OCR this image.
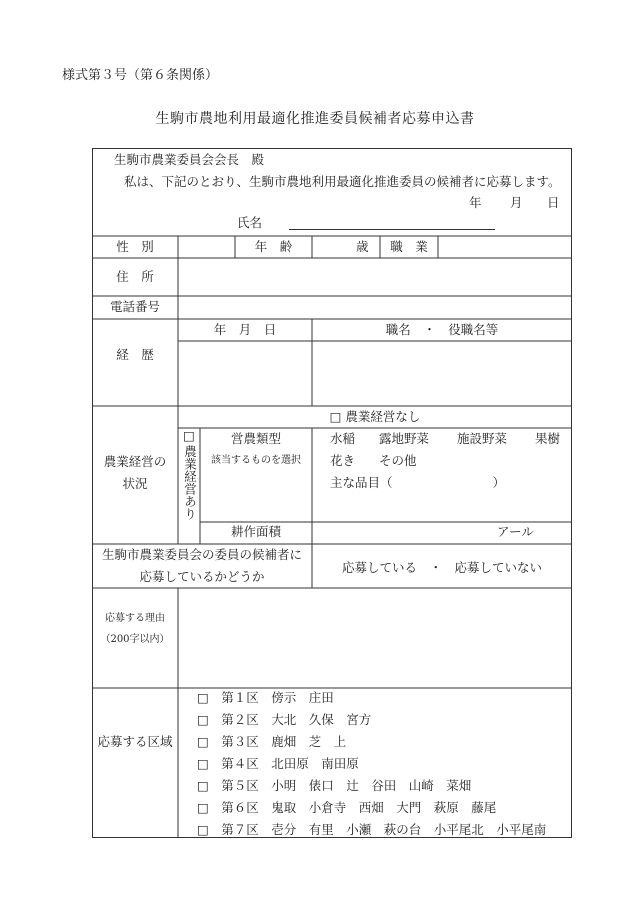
様式第３号（第６条関係）
生駒市農地利用最適化推進委員候補者応募申込書
生駒市農業委員会会長　殿
私は、下記のとおり、生駒市農地利用最適化推進委員の候補者に応募します。
年 月 日
氏名
性　別	年　齢	歳	職　業
住　所
電話番号
経　歴
年　月　日	職名　・　役職名等
農業経営の
状況
□ 農業経営なし
□
農業経営あり
営農類型
該当するものを選択
水稲 露地野菜 施設野菜 果樹
花き その他
主な品目（　　　　　　　　）
耕作面積	アール
生駒市農業委員会の委員の候補者に
応募しているかどうか
応募している　・　応募していない
応募する理由
（200字以内）
応募する区域
□　第１区　傍示　庄田
□　第２区　大北　久保　宮方
□　第３区　鹿畑　芝　上
□　第４区　北田原　南田原
□　第５区　小明　俵口　辻　谷田　山崎　菜畑
□　第６区　鬼取　小倉寺　西畑　大門　萩原　藤尾
□　第７区　壱分　有里　小瀬　萩の台　小平尾北　小平尾南
